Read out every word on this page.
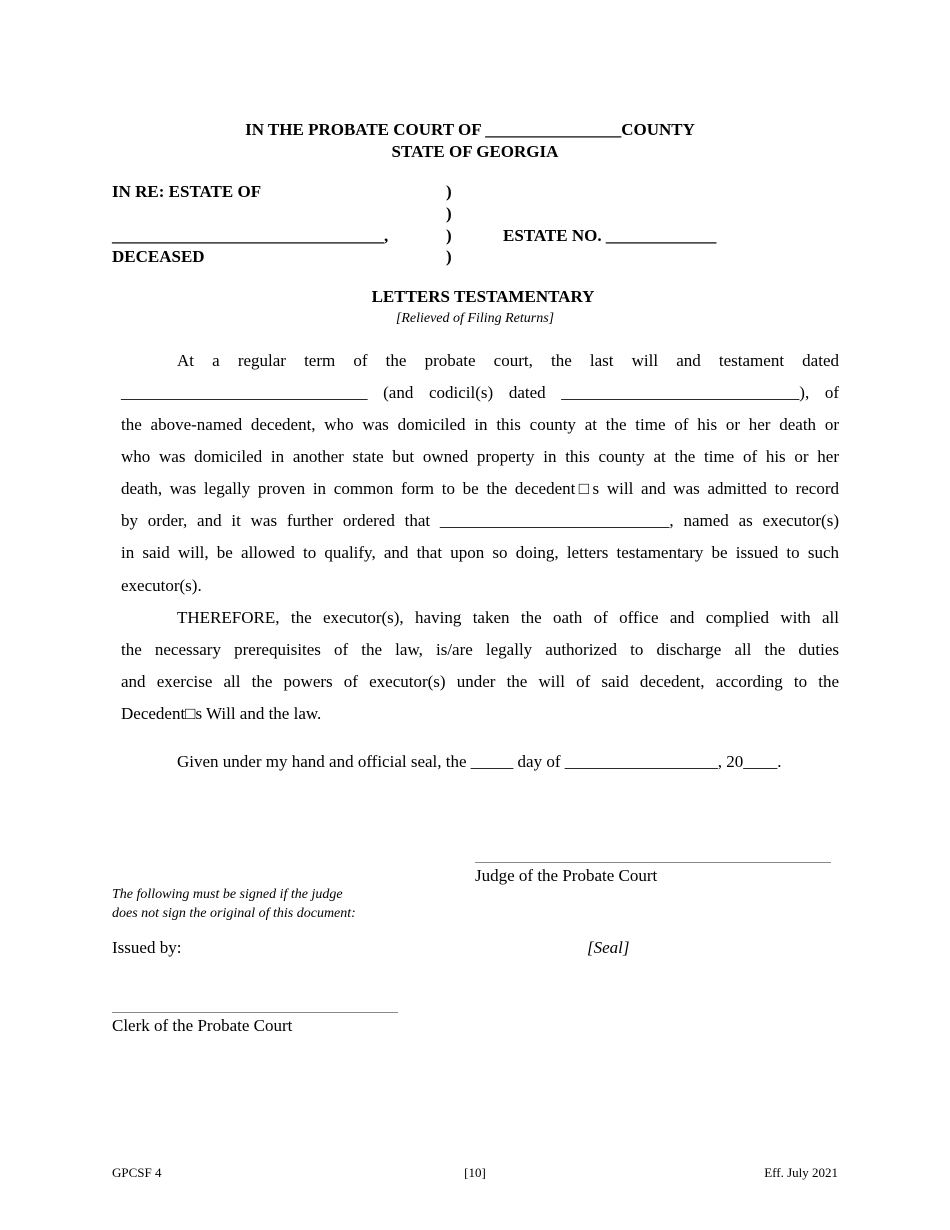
IN THE PROBATE COURT OF ________________COUNTY
STATE OF GEORGIA
IN RE: ESTATE OF
________________________________,
DECEASED
)
)
)
)
ESTATE NO. _____________
LETTERS TESTAMENTARY
[Relieved of Filing Returns]
At a regular term of the probate court, the last will and testament dated
_____________________________ (and codicil(s) dated ____________________________), of
the above-named decedent, who was domiciled in this county at the time of his or her death or
who was domiciled in another state but owned property in this county at the time of his or her
death, was legally proven in common form to be the decedent□s will and was admitted to record
by order, and it was further ordered that ___________________________, named as executor(s)
in said will, be allowed to qualify, and that upon so doing, letters testamentary be issued to such
executor(s).
THEREFORE, the executor(s), having taken the oath of office and complied with all
the necessary prerequisites of the law, is/are legally authorized to discharge all the duties
and exercise all the powers of executor(s) under the will of said decedent, according to the
Decedent□s Will and the law.
Given under my hand and official seal, the _____ day of __________________, 20____.
Judge of the Probate Court
The following must be signed if the judge
does not sign the original of this document:
Issued by:	[Seal]
Clerk of the Probate Court
GPCSF 4	[10]	Eff. July 2021
